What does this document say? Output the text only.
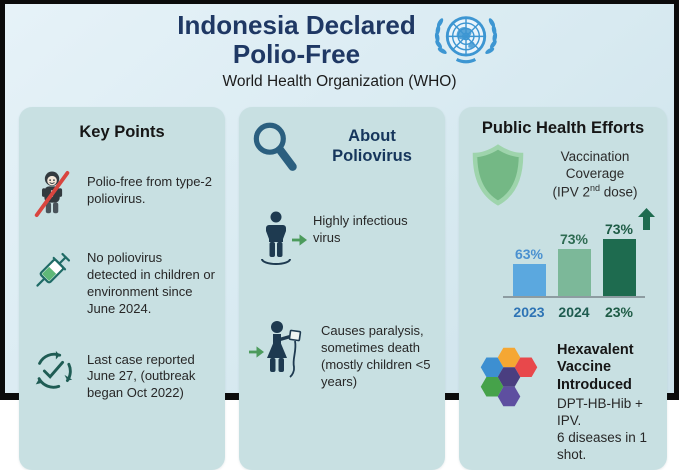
Indonesia Declared
Polio-Free
World Health Organization (WHO)
Key Points
Polio-free from type-2 poliovirus.
No poliovirus detected in children or environment since June 2024.
Last case reported June 27, (outbreak began Oct 2022)
About
Poliovirus
Highly infectious virus
Causes paralysis, sometimes death (mostly children <5 years)
Public Health Efforts
Vaccination Coverage
(IPV 2nd dose)
63%
73%
73%
2023 2024 23%
Hexavalent Vaccine
Introduced
DPT-HB-Hib + IPV.
6 diseases in 1 shot.
